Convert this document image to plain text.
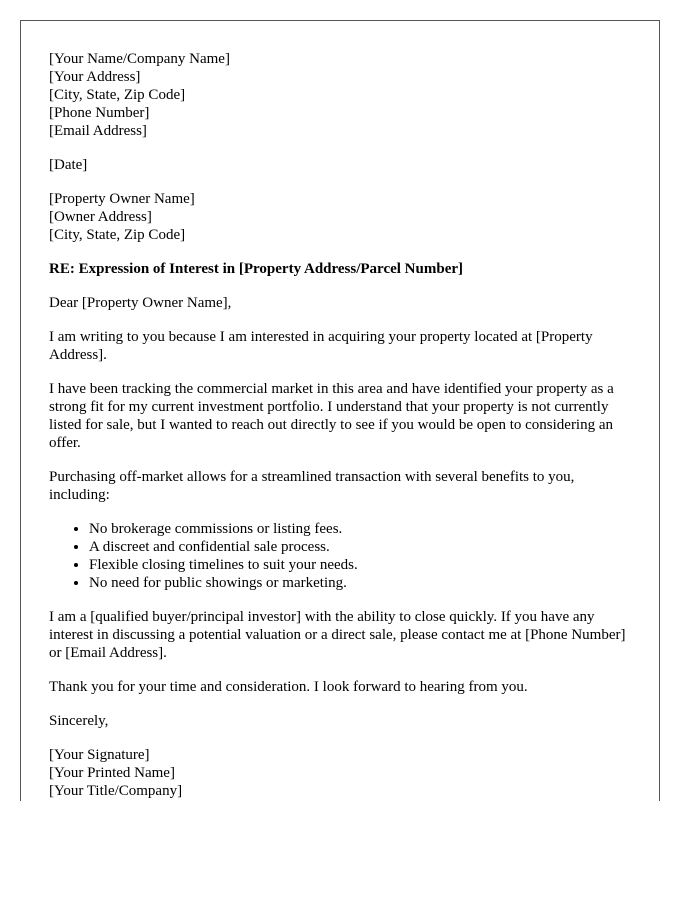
[Your Name/Company Name]
[Your Address]
[City, State, Zip Code]
[Phone Number]
[Email Address]
[Date]
[Property Owner Name]
[Owner Address]
[City, State, Zip Code]
RE: Expression of Interest in [Property Address/Parcel Number]

Dear [Property Owner Name],

I am writing to you because I am interested in acquiring your property located at [Property Address].

I have been tracking the commercial market in this area and have identified your property as a strong fit for my current investment portfolio. I understand that your property is not currently listed for sale, but I wanted to reach out directly to see if you would be open to considering an offer.

Purchasing off-market allows for a streamlined transaction with several benefits to you, including:

• No brokerage commissions or listing fees.
• A discreet and confidential sale process.
• Flexible closing timelines to suit your needs.
• No need for public showings or marketing.

I am a [qualified buyer/principal investor] with the ability to close quickly. If you have any interest in discussing a potential valuation or a direct sale, please contact me at [Phone Number] or [Email Address].

Thank you for your time and consideration. I look forward to hearing from you.

Sincerely,

[Your Signature]
[Your Printed Name]
[Your Title/Company]
